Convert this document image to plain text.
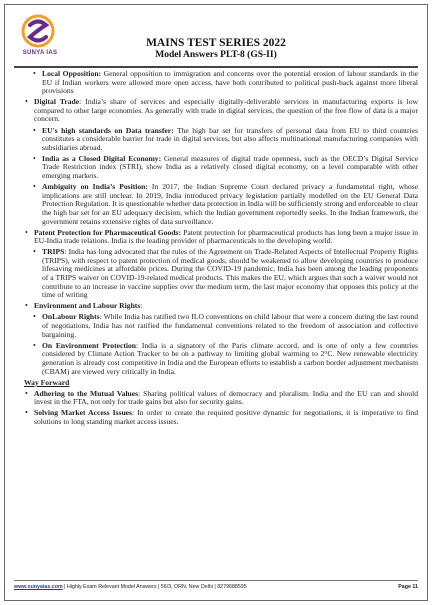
SUNYA IAS
MAINS TEST SERIES 2022
Model Answers PLT-8 (GS-II)
• Local Opposition: General opposition to immigration and concerns over the potential erosion of labour standards in the EU if Indian workers were allowed more open access, have both contributed to political push-back against more liberal provisions
• Digital Trade: India’s share of services and especially digitally-deliverable services in manufacturing exports is low compared to other large economies. As generally with trade in digital services, the question of the free flow of data is a major concern.
• EU's high standards on Data transfer: The high bar set for transfers of personal data from EU to third countries constitutes a considerable barrier for trade in digital services, but also affects multinational manufacturing companies with subsidiaries abroad.
• India as a Closed Digital Economy: General measures of digital trade openness, such as the OECD’s Digital Service Trade Restriction index (STRI), show India as a relatively closed digital economy, on a level comparable with other emerging markets.
• Ambiguity on India’s Position: In 2017, the Indian Supreme Court declared privacy a fundamental right, whose implications are still unclear. In 2019, India introduced privacy legislation partially modelled on the EU General Data Protection Regulation. It is questionable whether data protection in India will be sufficiently strong and enforceable to clear the high bar set for an EU adequacy decision, which the Indian government reportedly seeks. In the Indian framework, the government retains extensive rights of data surveillance.
• Patent Protection for Pharmaceutical Goods: Patent protection for pharmaceutical products has long been a major issue in EU-India trade relations. India is the leading provider of pharmaceuticals to the developing world.
• TRIPS: India has long advocated that the rules of the Agreement on Trade-Related Aspects of Intellectual Property Rights (TRIPS), with respect to patent protection of medical goods, should be weakened to allow developing countries to produce lifesaving medicines at affordable prices. During the COVID-19 pandemic, India has been among the leading proponents of a TRIPS waiver on COVID-19-related medical products. This makes the EU, which argues that such a waiver would not contribute to an increase in vaccine supplies over the medium term, the last major economy that opposes this policy at the time of writing
• Environment and Labour Rights:
• OnLabour Rights: While India has ratified two ILO conventions on child labour that were a concern during the last round of negotiations, India has not ratified the fundamental conventions related to the freedom of association and collective bargaining.
• On Environment Protection: India is a signatory of the Paris climate accord, and is one of only a few countries considered by Climate Action Tracker to be on a pathway to limiting global warming to 2°C. New renewable electricity generation is already cost competitive in India and the European efforts to establish a carbon border adjustment mechanism (CBAM) are viewed very critically in India.
Way Forward
• Adhering to the Mutual Values: Sharing political values of democracy and pluralism. India and the EU can and should invest in the FTA, not only for trade gains but also for security gains.
• Solving Market Access Issues: In order to create the required positive dynamic for negotiations, it is imperative to find solutions to long standing market access issues.
www.sunyaias.com | Highly Exam Relevant Model Answers | 56/3, ORN, New Delhi | 8279688595	Page 11
